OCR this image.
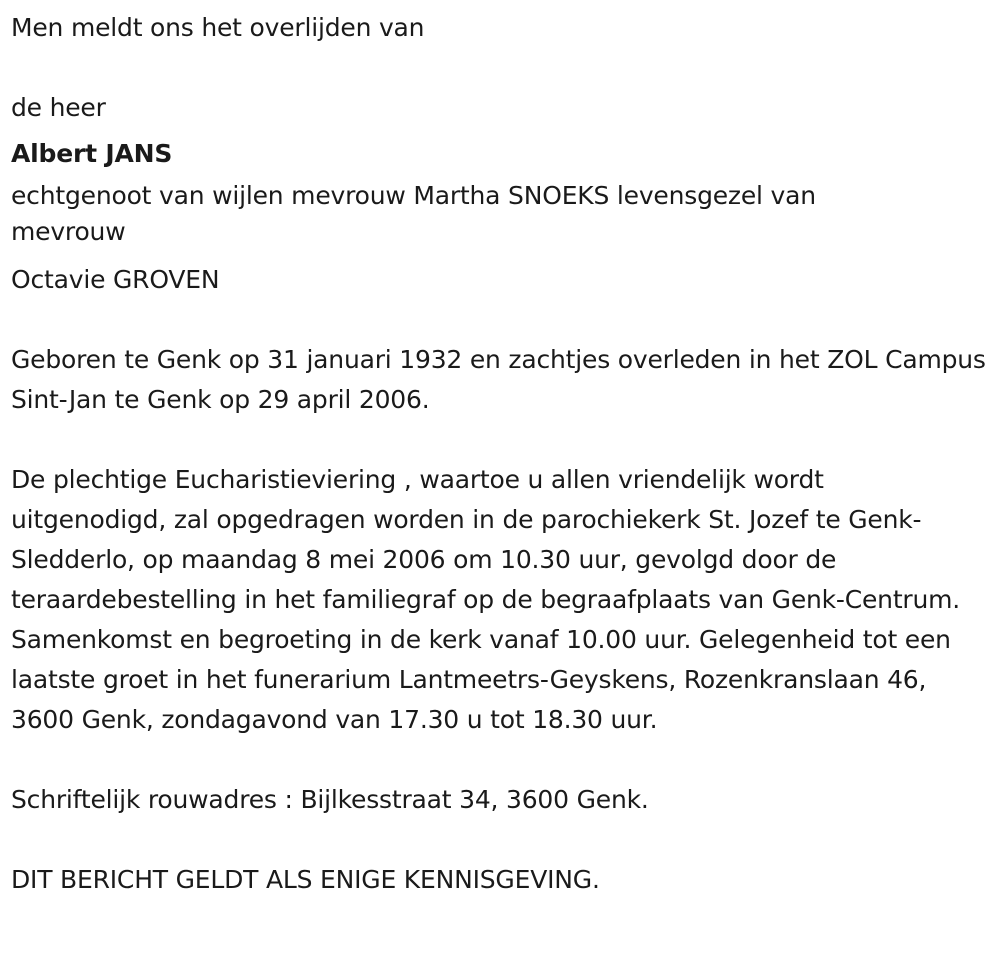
Men meldt ons het overlijden van

de heer

Albert JANS

echtgenoot van wijlen mevrouw Martha SNOEKS levensgezel van

mevrouw

Octavie GROVEN

Geboren te Genk op 31 januari 1932 en zachtjes overleden in het ZOL Campus Sint-Jan te Genk op 29 april 2006.

De plechtige Eucharistieviering , waartoe u allen vriendelijk wordt uitgenodigd, zal opgedragen worden in de parochiekerk St. Jozef te Genk-Sledderlo, op maandag 8 mei 2006 om 10.30 uur, gevolgd door de teraardebestelling in het familiegraf op de begraafplaats van Genk-Centrum. Samenkomst en begroeting in de kerk vanaf 10.00 uur. Gelegenheid tot een laatste groet in het funerarium Lantmeetrs-Geyskens, Rozenkranslaan 46, 3600 Genk, zondagavond van 17.30 u tot 18.30 uur.

Schriftelijk rouwadres : Bijlkesstraat 34, 3600 Genk.

DIT BERICHT GELDT ALS ENIGE KENNISGEVING.
